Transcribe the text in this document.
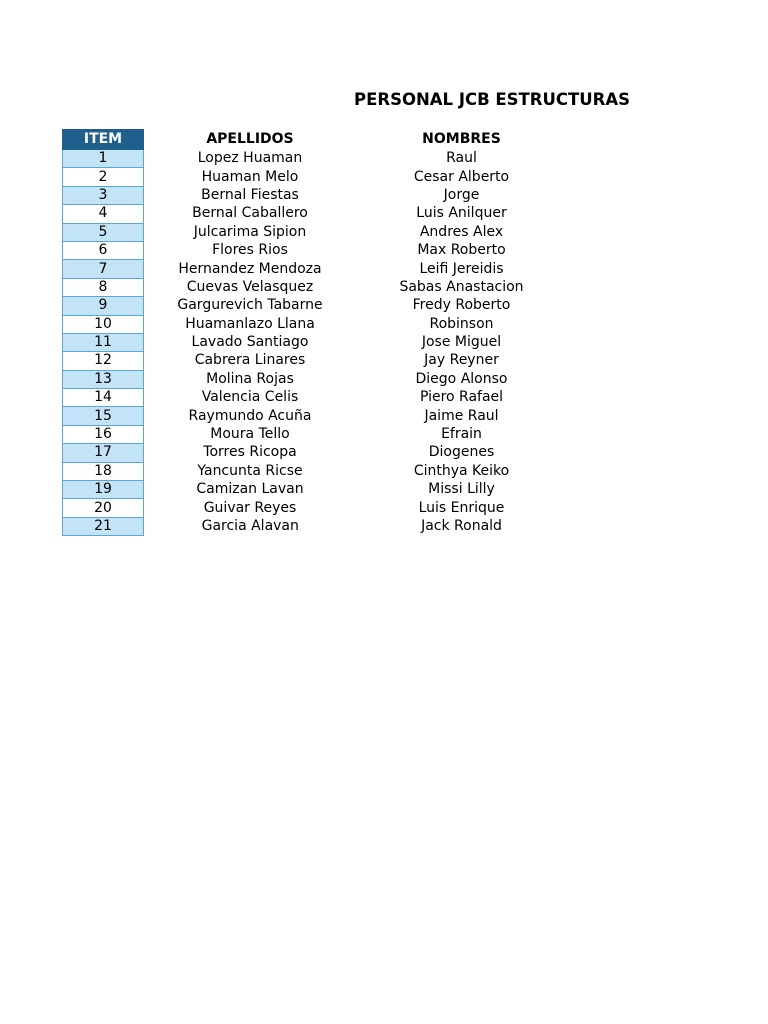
PERSONAL JCB ESTRUCTURAS
ITEM	APELLIDOS	NOMBRES
1	Lopez Huaman	Raul
2	Huaman Melo	Cesar Alberto
3	Bernal Fiestas	Jorge
4	Bernal Caballero	Luis Anilquer
5	Julcarima Sipion	Andres Alex
6	Flores Rios	Max Roberto
7	Hernandez Mendoza	Leifi Jereidis
8	Cuevas Velasquez	Sabas Anastacion
9	Gargurevich Tabarne	Fredy Roberto
10	Huamanlazo Llana	Robinson
11	Lavado Santiago	Jose Miguel
12	Cabrera Linares	Jay Reyner
13	Molina Rojas	Diego Alonso
14	Valencia Celis	Piero Rafael
15	Raymundo Acuña	Jaime Raul
16	Moura Tello	Efrain
17	Torres Ricopa	Diogenes
18	Yancunta Ricse	Cinthya Keiko
19	Camizan Lavan	Missi Lilly
20	Guivar Reyes	Luis Enrique
21	Garcia Alavan	Jack Ronald
